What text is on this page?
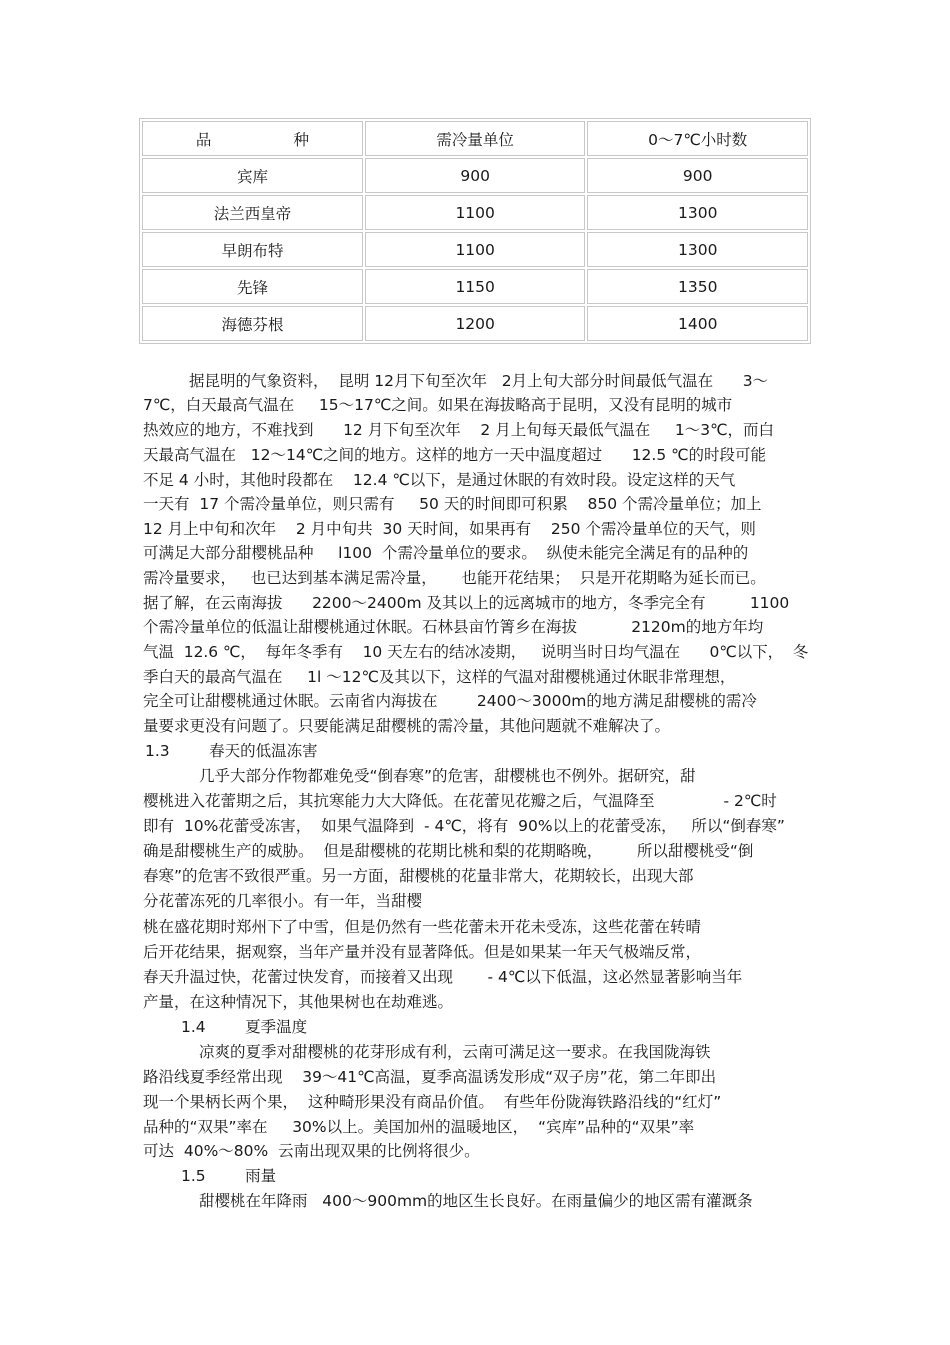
品 种	需冷量单位	0～7℃小时数
宾库	900	900
法兰西皇帝	1100	1300
早朗布特	1100	1300
先锋	1150	1350
海德芬根	1200	1400
据昆明的气象资料，  昆明 12月下旬至次年   2月上旬大部分时间最低气温在      3～
7℃，白天最高气温在     15～17℃之间。如果在海拔略高于昆明，又没有昆明的城市
热效应的地方，不难找到      12 月下旬至次年    2 月上旬每天最低气温在     1～3℃，而白
天最高气温在   12～14℃之间的地方。这样的地方一天中温度超过      12.5 ℃的时段可能
不足 4 小时，其他时段都在    12.4 ℃以下，是通过休眠的有效时段。设定这样的天气
一天有  17 个需冷量单位，则只需有     50 天的时间即可积累    850 个需冷量单位；加上
12 月上中旬和次年    2 月中旬共  30 天时间，如果再有    250 个需冷量单位的天气，则
可满足大部分甜樱桃品种     l100  个需冷量单位的要求。  纵使未能完全满足有的品种的
需冷量要求，   也已达到基本满足需冷量，     也能开花结果；  只是开花期略为延长而已。
据了解，在云南海拔      2200～2400m 及其以上的远离城市的地方，冬季完全有         1100
个需冷量单位的低温让甜樱桃通过休眠。石林县亩竹箐乡在海拔           2120m的地方年均
气温  12.6 ℃，  每年冬季有    10 天左右的结冰凌期，   说明当时日均气温在      0℃以下，  冬
季白天的最高气温在     1l ～12℃及其以下，这样的气温对甜樱桃通过休眠非常理想，
完全可让甜樱桃通过休眠。云南省内海拔在        2400～3000m的地方满足甜樱桃的需冷
量要求更没有问题了。只要能满足甜樱桃的需冷量，其他问题就不难解决了。
1.3        春天的低温冻害
几乎大部分作物都难免受“倒春寒”的危害，甜樱桃也不例外。据研究，甜
樱桃进入花蕾期之后，其抗寒能力大大降低。在花蕾见花瓣之后，气温降至              - 2℃时
即有  10%花蕾受冻害，  如果气温降到  - 4℃，将有  90%以上的花蕾受冻，   所以“倒春寒”
确是甜樱桃生产的威胁。  但是甜樱桃的花期比桃和梨的花期略晚，       所以甜樱桃受“倒
春寒”的危害不致很严重。另一方面，甜樱桃的花量非常大，花期较长，出现大部
分花蕾冻死的几率很小。有一年，当甜樱
桃在盛花期时郑州下了中雪，但是仍然有一些花蕾未开花未受冻，这些花蕾在转晴
后开花结果，据观察，当年产量并没有显著降低。但是如果某一年天气极端反常，
春天升温过快，花蕾过快发育，而接着又出现       - 4℃以下低温，这必然显著影响当年
产量，在这种情况下，其他果树也在劫难逃。
1.4        夏季温度
凉爽的夏季对甜樱桃的花芽形成有利，云南可满足这一要求。在我国陇海铁
路沿线夏季经常出现    39～41℃高温，夏季高温诱发形成“双子房”花，第二年即出
现一个果柄长两个果，  这种畸形果没有商品价值。  有些年份陇海铁路沿线的“红灯”
品种的“双果”率在     30%以上。美国加州的温暖地区，  “宾库”品种的“双果”率
可达  40%～80%  云南出现双果的比例将很少。
1.5        雨量
甜樱桃在年降雨   400～900mm的地区生长良好。在雨量偏少的地区需有灌溉条
